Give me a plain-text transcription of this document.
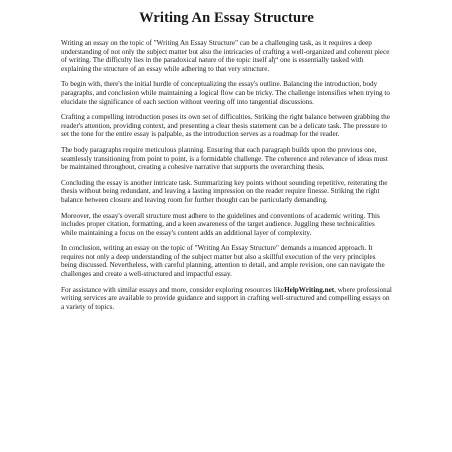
Writing An Essay Structure

Writing an essay on the topic of "Writing An Essay Structure" can be a challenging task, as it requires a deep understanding of not only the subject matter but also the intricacies of crafting a well-organized and coherent piece of writing. The difficulty lies in the paradoxical nature of the topic itself aђ“ one is essentially tasked with explaining the structure of an essay while adhering to that very structure.

To begin with, there's the initial hurdle of conceptualizing the essay's outline. Balancing the introduction, body paragraphs, and conclusion while maintaining a logical flow can be tricky. The challenge intensifies when trying to elucidate the significance of each section without veering off into tangential discussions.

Crafting a compelling introduction poses its own set of difficulties. Striking the right balance between grabbing the reader's attention, providing context, and presenting a clear thesis statement can be a delicate task. The pressure to set the tone for the entire essay is palpable, as the introduction serves as a roadmap for the reader.

The body paragraphs require meticulous planning. Ensuring that each paragraph builds upon the previous one, seamlessly transitioning from point to point, is a formidable challenge. The coherence and relevance of ideas must be maintained throughout, creating a cohesive narrative that supports the overarching thesis.

Concluding the essay is another intricate task. Summarizing key points without sounding repetitive, reiterating the thesis without being redundant, and leaving a lasting impression on the reader require finesse. Striking the right balance between closure and leaving room for further thought can be particularly demanding.

Moreover, the essay's overall structure must adhere to the guidelines and conventions of academic writing. This includes proper citation, formatting, and a keen awareness of the target audience. Juggling these technicalities while maintaining a focus on the essay's content adds an additional layer of complexity.

In conclusion, writing an essay on the topic of "Writing An Essay Structure" demands a nuanced approach. It requires not only a deep understanding of the subject matter but also a skillful execution of the very principles being discussed. Nevertheless, with careful planning, attention to detail, and ample revision, one can navigate the challenges and create a well-structured and impactful essay.

For assistance with similar essays and more, consider exploring resources likeHelpWriting.net, where professional writing services are available to provide guidance and support in crafting well-structured and compelling essays on a variety of topics.
